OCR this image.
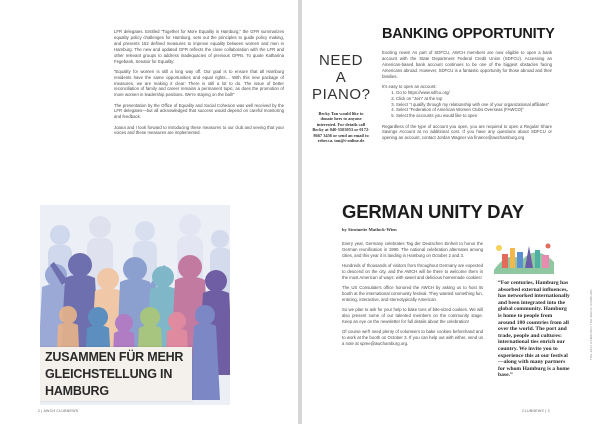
LFR delegates. Entitled “Together for More Equality in Hamburg,” the GFR summarizes equality policy challenges for Hamburg, sets out the principles to guide policy making, and presents 152 defined measures to improve equality between women and men in Hamburg. The new and updated GFR reflects the close collaboration with the LFR and other relevant groups to address inadequacies of previous GPRs. To quote Katharina Fegebank, Senator for Equality:

“Equality for women is still a long way off. Our goal is to ensure that all Hamburg residents have the same opportunities and equal rights… With this new package of measures, we are making it clear: There is still a lot to do. The issue of better reconciliation of family and career remains a permanent topic, as does the promotion of more women in leadership positions. We're staying on the ball!”

The presentation by the Office of Equality and Social Cohesion was well received by the LFR delegates—but all acknowledged that success would depend on careful monitoring and feedback.

Joana and I look forward to introducing these measures to our club and seeing that your voices and these measures are implemented.

ZUSAMMEN FÜR MEHR
GLEICHSTELLUNG IN
HAMBURG
2 | AWCH CLUBNEWS
NEED A PIANO?
Becky Tan would like to donate hers to anyone interested. For details call Becky at 040-5503053 or 0172-8667 3456 or send an email to rebecca. tan@t-online.de
BANKING OPPORTUNITY

Exciting news! As part of SDFCU, AWCH members are now eligible to open a bank account with the State Department Federal Credit Union (SDFCU). Accessing an American-based bank account continues to be one of the biggest obstacles facing Americans abroad. However, SDFCU is a fantastic opportunity for those abroad and their families.

It's easy to open an account:

1. Go to https://www.sdfcu.org/
2. Click on “Join” at the top
3. Select “I qualify through my relationship with one of your organizational affiliates”
4. Select “Federation of American Women Clubs Overseas (FAWCO)”
5. Select the accounts you would like to open

Regardless of the type of account you open, you are required to open a Regular Share Savings Account at no additional cost. If you have any questions about SDFCU or opening an account, contact Jordan Wagner via finance@awchamburg.org

GERMAN UNITY DAY
by Stroinette Matlock-Wien

Every year, Germany celebrates Tag der Deutschen Einheit to honor the German reunification in 1990. The national celebration alternates among cities, and this year it is landing in Hamburg on October 2 and 3.

Hundreds of thousands of visitors from throughout Germany are expected to descend on the city, and the AWCH will be there to welcome them in the most American of ways: with sweet and delicious homemade cookies!

The US Consulate's office honored the AWCH by asking us to host its booth at the international community festival. They wanted something fun, enticing, interactive, and stereotypically American.

So we plan to ask for your help to bake tons of bite-sized cookies. We will also present some of our talented members on the community stage. Keep an eye on the newsletter for full details about the celebration!

Of course we'll need plenty of volunteers to bake cookies beforehand and to work at the booth on October 3. If you can help out with either, send us a note at spree@awchamburg.org.

“For centuries, Hamburg has absorbed external influences, has networked internationally and been integrated into the global community. Hamburg is home to people from around 180 countries from all over the world. The port and trade, people and cultures: international ties enrich our country. We invite you to experience this at our festival—along with many partners for whom Hamburg is a home base.”
TDE 2023 HAMBURG/ TDE MEDIA HAMBURG
CLUBNEWS | 3
